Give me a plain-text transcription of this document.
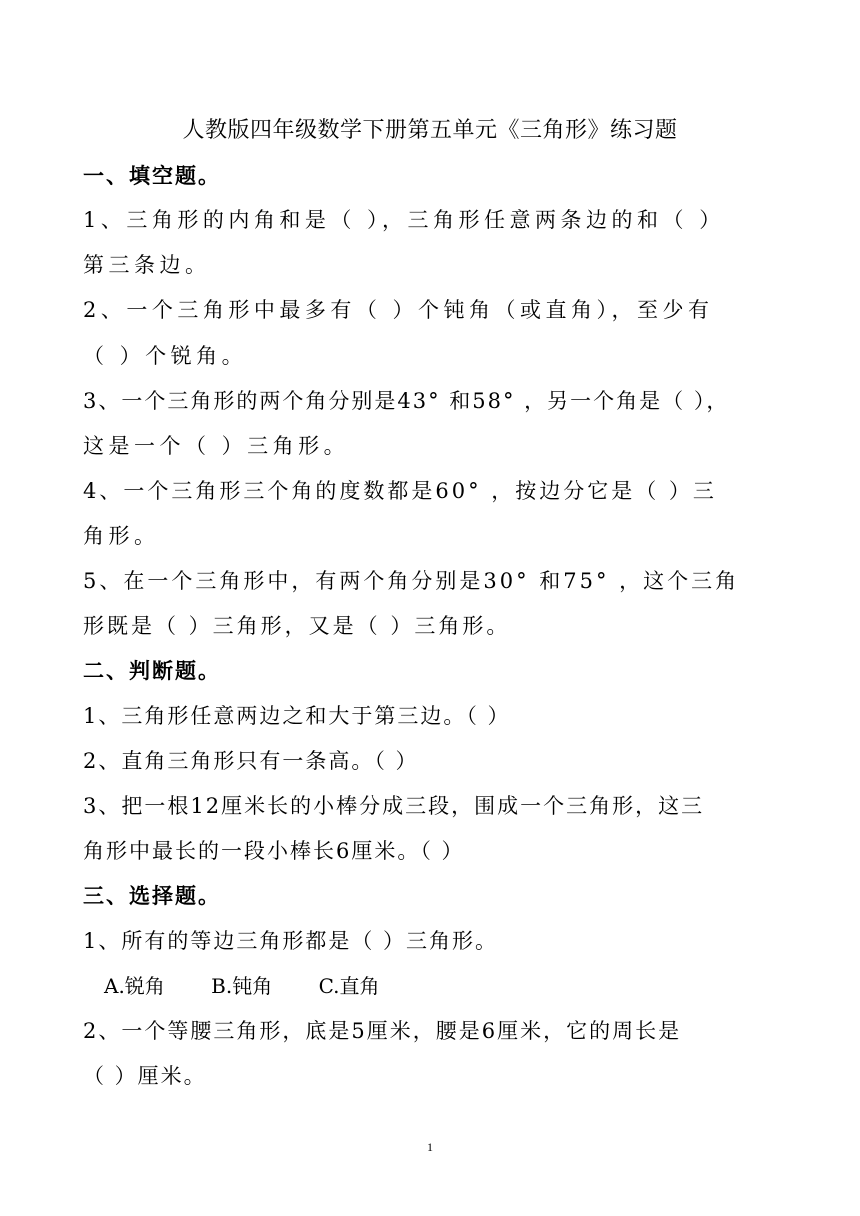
人教版四年级数学下册第五单元《三角形》练习题
一、填空题。
1、三角形的内角和是（ ），三角形任意两条边的和（ ）
第三条边。
2、一个三角形中最多有（ ）个钝角（或直角），至少有
（ ）个锐角。
3、一个三角形的两个角分别是43° 和58° ，另一个角是（ ），
这是一个（ ）三角形。
4、一个三角形三个角的度数都是60° ，按边分它是（ ）三
角形。
5、在一个三角形中，有两个角分别是30° 和75° ，这个三角
形既是（ ）三角形，又是（ ）三角形。
二、判断题。
1、三角形任意两边之和大于第三边。（ ）
2、直角三角形只有一条高。（ ）
3、把一根12厘米长的小棒分成三段，围成一个三角形，这三
角形中最长的一段小棒长6厘米。（ ）
三、选择题。
1、所有的等边三角形都是（ ）三角形。
A.锐角 B.钝角 C.直角
2、一个等腰三角形，底是5厘米，腰是6厘米，它的周长是
（ ）厘米。
1
